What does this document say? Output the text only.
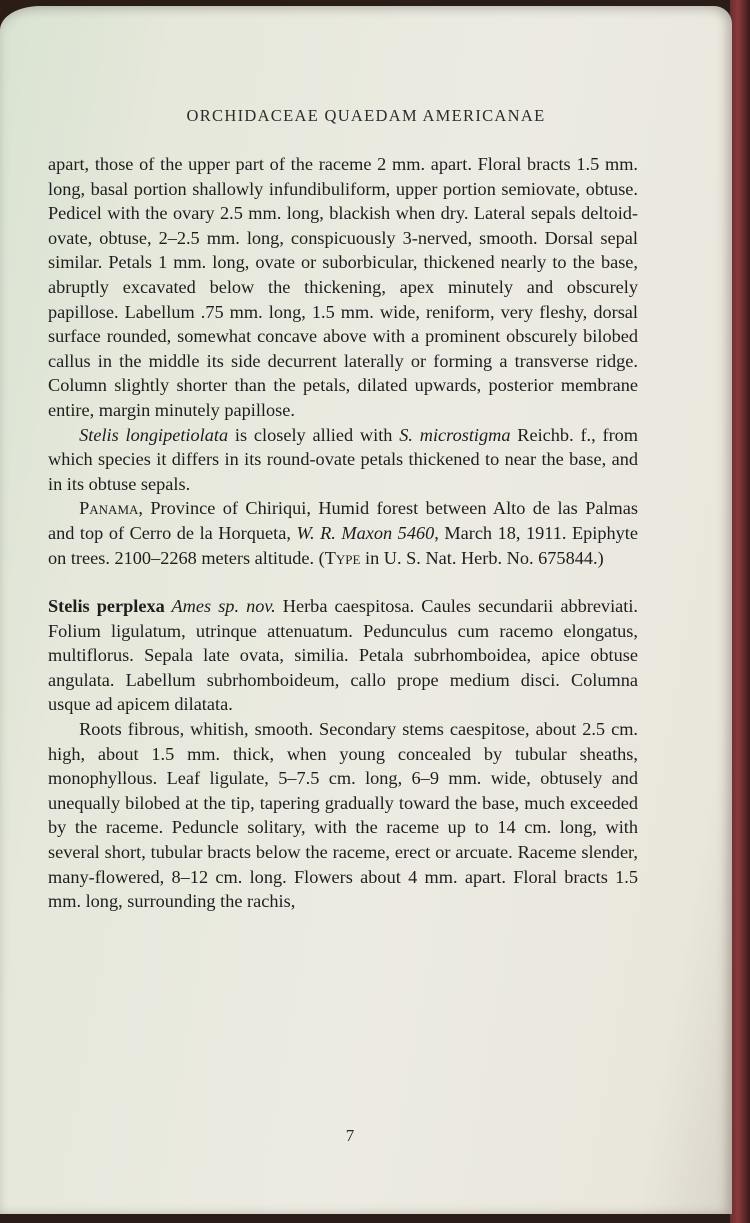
ORCHIDACEAE QUAEDAM AMERICANAE

apart, those of the upper part of the raceme 2 mm. apart. Floral bracts 1.5 mm. long, basal portion shallowly infundibuliform, upper portion semiovate, obtuse. Pedicel with the ovary 2.5 mm. long, blackish when dry. Lateral sepals deltoid-ovate, obtuse, 2–2.5 mm. long, conspicuously 3-nerved, smooth. Dorsal sepal similar. Petals 1 mm. long, ovate or suborbicular, thickened nearly to the base, abruptly excavated below the thickening, apex minutely and obscurely papillose. Labellum .75 mm. long, 1.5 mm. wide, reniform, very fleshy, dorsal surface rounded, somewhat concave above with a prominent obscurely bilobed callus in the middle its side decurrent laterally or forming a transverse ridge. Column slightly shorter than the petals, dilated upwards, posterior membrane entire, margin minutely papillose.

Stelis longipetiolata is closely allied with S. microstigma Reichb. f., from which species it differs in its round-ovate petals thickened to near the base, and in its obtuse sepals.

Panama, Province of Chiriqui, Humid forest between Alto de las Palmas and top of Cerro de la Horqueta, W. R. Maxon 5460, March 18, 1911. Epiphyte on trees. 2100–2268 meters altitude. (Type in U. S. Nat. Herb. No. 675844.)

Stelis perplexa Ames sp. nov. Herba caespitosa. Caules secundarii abbreviati. Folium ligulatum, utrinque attenuatum. Pedunculus cum racemo elongatus, multiflorus. Sepala late ovata, similia. Petala subrhomboidea, apice obtuse angulata. Labellum subrhomboideum, callo prope medium disci. Columna usque ad apicem dilatata.

Roots fibrous, whitish, smooth. Secondary stems caespitose, about 2.5 cm. high, about 1.5 mm. thick, when young concealed by tubular sheaths, monophyllous. Leaf ligulate, 5–7.5 cm. long, 6–9 mm. wide, obtusely and unequally bilobed at the tip, tapering gradually toward the base, much exceeded by the raceme. Peduncle solitary, with the raceme up to 14 cm. long, with several short, tubular bracts below the raceme, erect or arcuate. Raceme slender, many-flowered, 8–12 cm. long. Flowers about 4 mm. apart. Floral bracts 1.5 mm. long, surrounding the rachis,

7
